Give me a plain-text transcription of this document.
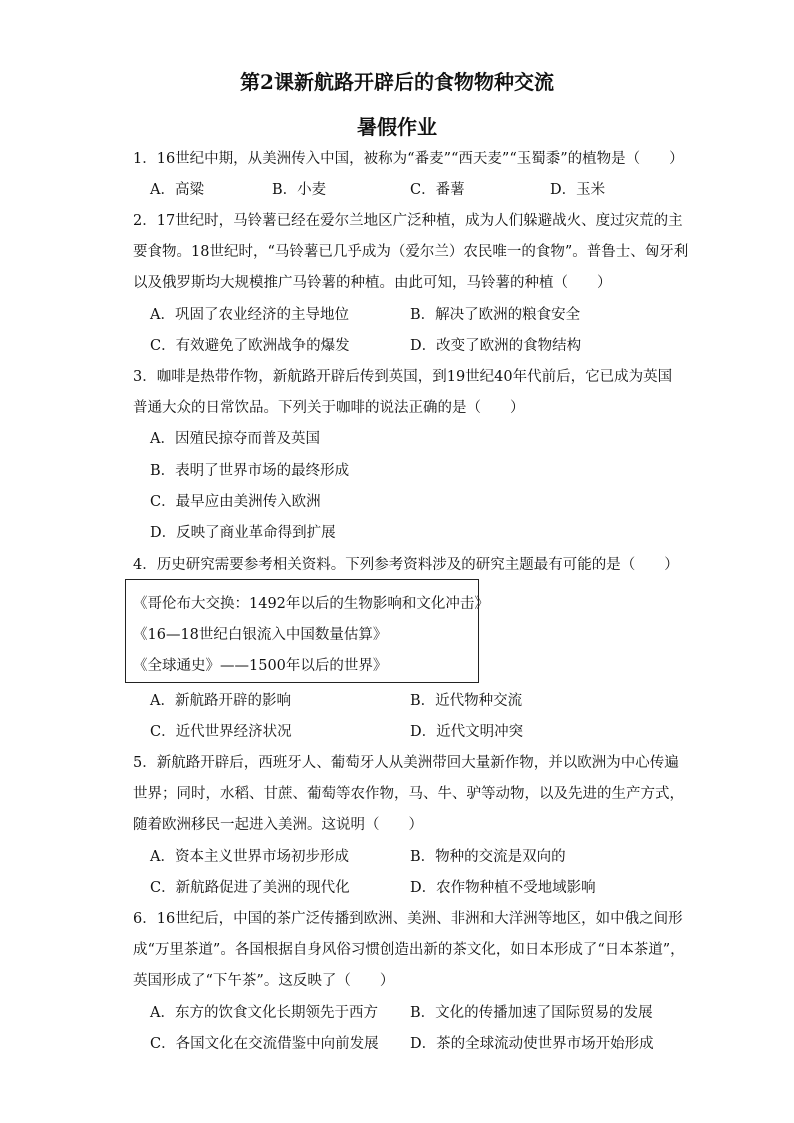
第2课新航路开辟后的食物物种交流
暑假作业
1．16世纪中期，从美洲传入中国，被称为“番麦”“西天麦”“玉蜀黍”的植物是（　　）
A．高粱	B．小麦	C．番薯	D．玉米
2．17世纪时，马铃薯已经在爱尔兰地区广泛种植，成为人们躲避战火、度过灾荒的主
要食物。18世纪时，“马铃薯已几乎成为（爱尔兰）农民唯一的食物”。普鲁士、匈牙利
以及俄罗斯均大规模推广马铃薯的种植。由此可知，马铃薯的种植（　　）
A．巩固了农业经济的主导地位	B．解决了欧洲的粮食安全
C．有效避免了欧洲战争的爆发	D．改变了欧洲的食物结构
3．咖啡是热带作物，新航路开辟后传到英国，到19世纪40年代前后，它已成为英国
普通大众的日常饮品。下列关于咖啡的说法正确的是（　　）
A．因殖民掠夺而普及英国
B．表明了世界市场的最终形成
C．最早应由美洲传入欧洲
D．反映了商业革命得到扩展
4．历史研究需要参考相关资料。下列参考资料涉及的研究主题最有可能的是（　　）
《哥伦布大交换：1492年以后的生物影响和文化冲击》
《16—18世纪白银流入中国数量估算》
《全球通史》——1500年以后的世界》
A．新航路开辟的影响	B．近代物种交流
C．近代世界经济状况	D．近代文明冲突
5．新航路开辟后，西班牙人、葡萄牙人从美洲带回大量新作物，并以欧洲为中心传遍
世界；同时，水稻、甘蔗、葡萄等农作物，马、牛、驴等动物，以及先进的生产方式，
随着欧洲移民一起进入美洲。这说明（　　）
A．资本主义世界市场初步形成	B．物种的交流是双向的
C．新航路促进了美洲的现代化	D．农作物种植不受地域影响
6．16世纪后，中国的茶广泛传播到欧洲、美洲、非洲和大洋洲等地区，如中俄之间形
成“万里茶道”。各国根据自身风俗习惯创造出新的茶文化，如日本形成了“日本茶道”，
英国形成了“下午茶”。这反映了（　　）
A．东方的饮食文化长期领先于西方 B．文化的传播加速了国际贸易的发展
C．各国文化在交流借鉴中向前发展 D．茶的全球流动使世界市场开始形成
